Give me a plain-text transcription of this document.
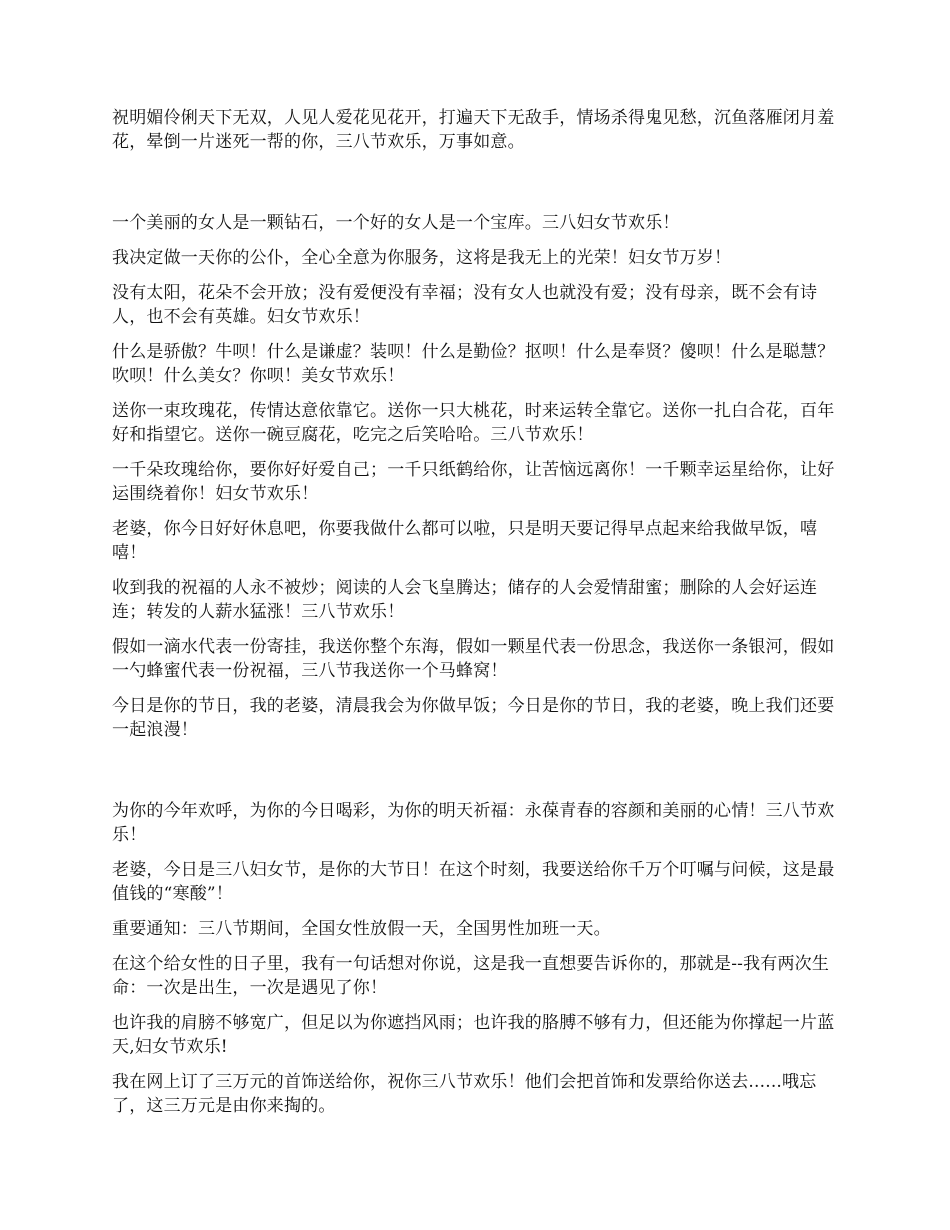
祝明媚伶俐天下无双，人见人爱花见花开，打遍天下无敌手，情场杀得鬼见愁，沉鱼落雁闭月羞花，晕倒一片迷死一帮的你，三八节欢乐，万事如意。

一个美丽的女人是一颗钻石，一个好的女人是一个宝库。三八妇女节欢乐！

我决定做一天你的公仆，全心全意为你服务，这将是我无上的光荣！妇女节万岁！

没有太阳，花朵不会开放；没有爱便没有幸福；没有女人也就没有爱；没有母亲，既不会有诗人，也不会有英雄。妇女节欢乐！

什么是骄傲？牛呗！什么是谦虚？装呗！什么是勤俭？抠呗！什么是奉贤？傻呗！什么是聪慧？吹呗！什么美女？你呗！美女节欢乐！

送你一束玫瑰花，传情达意依靠它。送你一只大桃花，时来运转全靠它。送你一扎白合花，百年好和指望它。送你一碗豆腐花，吃完之后笑哈哈。三八节欢乐！

一千朵玫瑰给你，要你好好爱自己；一千只纸鹤给你，让苦恼远离你！一千颗幸运星给你，让好运围绕着你！妇女节欢乐！

老婆，你今日好好休息吧，你要我做什么都可以啦，只是明天要记得早点起来给我做早饭，嘻嘻！

收到我的祝福的人永不被炒；阅读的人会飞皇腾达；储存的人会爱情甜蜜；删除的人会好运连连；转发的人薪水猛涨！三八节欢乐！

假如一滴水代表一份寄挂，我送你整个东海，假如一颗星代表一份思念，我送你一条银河，假如一勺蜂蜜代表一份祝福，三八节我送你一个马蜂窝！

今日是你的节日，我的老婆，清晨我会为你做早饭；今日是你的节日，我的老婆，晚上我们还要一起浪漫！

为你的今年欢呼，为你的今日喝彩，为你的明天祈福：永葆青春的容颜和美丽的心情！三八节欢乐！

老婆，今日是三八妇女节，是你的大节日！在这个时刻，我要送给你千万个叮嘱与问候，这是最值钱的“寒酸”！

重要通知：三八节期间，全国女性放假一天，全国男性加班一天。

在这个给女性的日子里，我有一句话想对你说，这是我一直想要告诉你的，那就是--我有两次生命：一次是出生，一次是遇见了你！

也许我的肩膀不够宽广，但足以为你遮挡风雨；也许我的胳膊不够有力，但还能为你撑起一片蓝天,妇女节欢乐!

我在网上订了三万元的首饰送给你，祝你三八节欢乐！他们会把首饰和发票给你送去......哦忘了，这三万元是由你来掏的。
